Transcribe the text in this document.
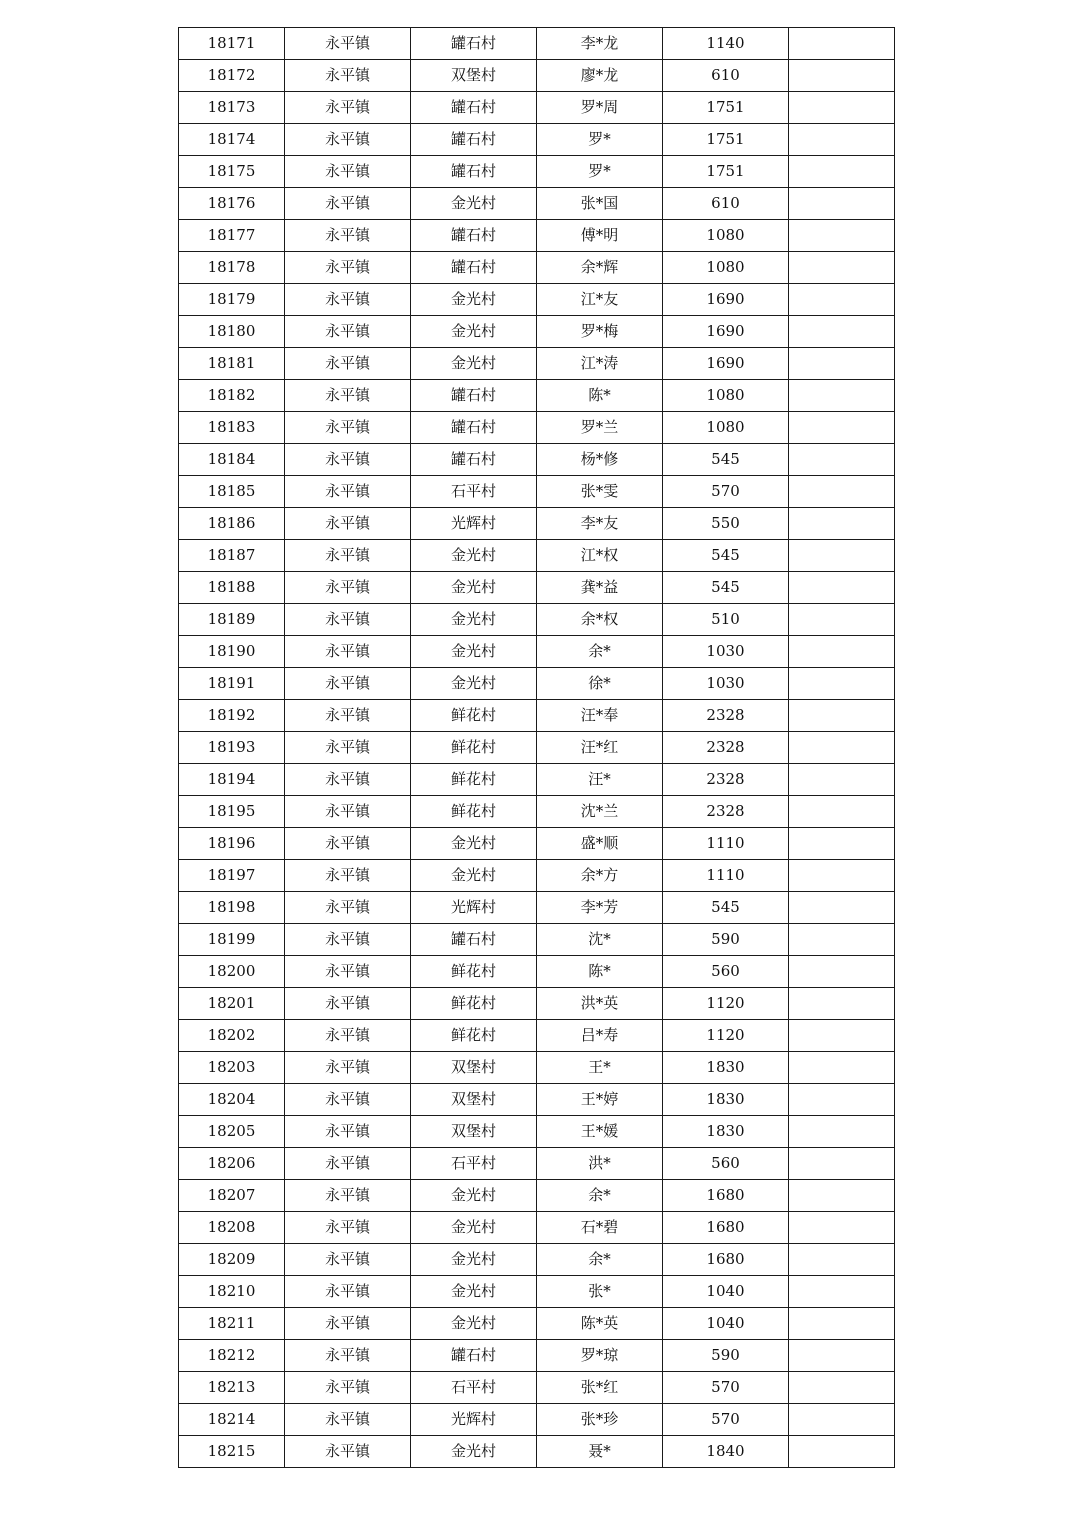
18171	永平镇	罐石村	李*龙	1140	
18172	永平镇	双堡村	廖*龙	610	
18173	永平镇	罐石村	罗*周	1751	
18174	永平镇	罐石村	罗*	1751	
18175	永平镇	罐石村	罗*	1751	
18176	永平镇	金光村	张*国	610	
18177	永平镇	罐石村	傅*明	1080	
18178	永平镇	罐石村	余*辉	1080	
18179	永平镇	金光村	江*友	1690	
18180	永平镇	金光村	罗*梅	1690	
18181	永平镇	金光村	江*涛	1690	
18182	永平镇	罐石村	陈*	1080	
18183	永平镇	罐石村	罗*兰	1080	
18184	永平镇	罐石村	杨*修	545	
18185	永平镇	石平村	张*雯	570	
18186	永平镇	光辉村	李*友	550	
18187	永平镇	金光村	江*权	545	
18188	永平镇	金光村	龚*益	545	
18189	永平镇	金光村	余*权	510	
18190	永平镇	金光村	余*	1030	
18191	永平镇	金光村	徐*	1030	
18192	永平镇	鲜花村	汪*奉	2328	
18193	永平镇	鲜花村	汪*红	2328	
18194	永平镇	鲜花村	汪*	2328	
18195	永平镇	鲜花村	沈*兰	2328	
18196	永平镇	金光村	盛*顺	1110	
18197	永平镇	金光村	余*方	1110	
18198	永平镇	光辉村	李*芳	545	
18199	永平镇	罐石村	沈*	590	
18200	永平镇	鲜花村	陈*	560	
18201	永平镇	鲜花村	洪*英	1120	
18202	永平镇	鲜花村	吕*寿	1120	
18203	永平镇	双堡村	王*	1830	
18204	永平镇	双堡村	王*婷	1830	
18205	永平镇	双堡村	王*媛	1830	
18206	永平镇	石平村	洪*	560	
18207	永平镇	金光村	余*	1680	
18208	永平镇	金光村	石*碧	1680	
18209	永平镇	金光村	余*	1680	
18210	永平镇	金光村	张*	1040	
18211	永平镇	金光村	陈*英	1040	
18212	永平镇	罐石村	罗*琼	590	
18213	永平镇	石平村	张*红	570	
18214	永平镇	光辉村	张*珍	570	
18215	永平镇	金光村	聂*	1840	
